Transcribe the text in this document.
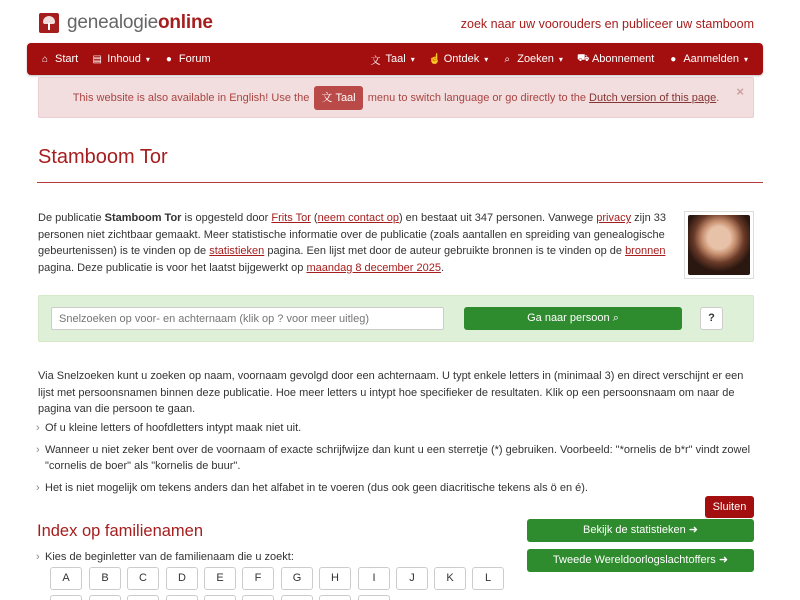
genealogieonline	zoek naar uw voorouders en publiceer uw stamboom
⌂ Start ▤ Inhoud ▾ ● Forum	文 Taal ▾ ☝ Ontdek ▾ ⌕ Zoeken ▾ ⛟ Abonnement ● Aanmelden ▾
This website is also available in English! Use the 文 Taal menu to switch language or go directly to the Dutch version of this page.	×
Stamboom Tor
De publicatie Stamboom Tor is opgesteld door Frits Tor (neem contact op) en bestaat uit 347 personen. Vanwege privacy zijn 33 personen niet zichtbaar gemaakt. Meer statistische informatie over de publicatie (zoals aantallen en spreiding van genealogische gebeurtenissen) is te vinden op de statistieken pagina. Een lijst met door de auteur gebruikte bronnen is te vinden op de bronnen pagina. Deze publicatie is voor het laatst bijgewerkt op maandag 8 december 2025.
Snelzoeken op voor- en achternaam (klik op ? voor meer uitleg)
Ga naar persoon ⌕	?
Via Snelzoeken kunt u zoeken op naam, voornaam gevolgd door een achternaam. U typt enkele letters in (minimaal 3) en direct verschijnt er een lijst met persoonsnamen binnen deze publicatie. Hoe meer letters u intypt hoe specifieker de resultaten. Klik op een persoonsnaam om naar de pagina van die persoon te gaan.
› Of u kleine letters of hoofdletters intypt maak niet uit.
› Wanneer u niet zeker bent over de voornaam of exacte schrijfwijze dan kunt u een sterretje (*) gebruiken. Voorbeeld: "*ornelis de b*r" vindt zowel "cornelis de boer" als "kornelis de buur".
› Het is niet mogelijk om tekens anders dan het alfabet in te voeren (dus ook geen diacritische tekens als ö en é).
Sluiten
Index op familienamen	Bekijk de statistieken ➜
Tweede Wereldoorlogslachtoffers ➜
› Kies de beginletter van de familienaam die u zoekt:
A	B	C	D	E	F	G	H	I	J	K	L
